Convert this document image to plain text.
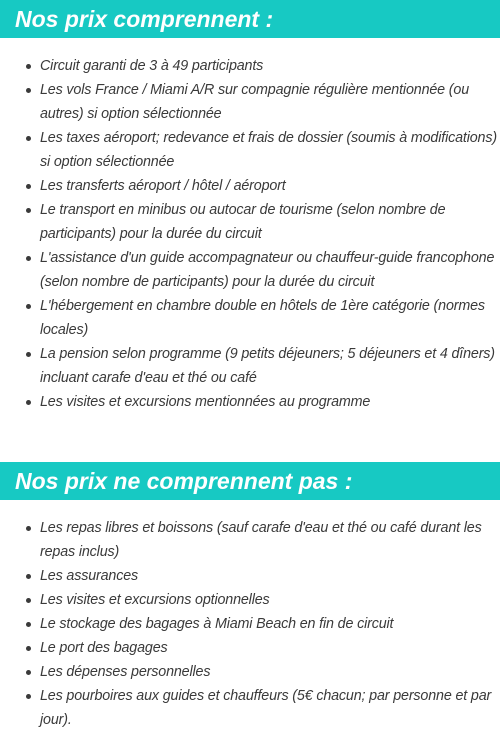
Nos prix comprennent :
Circuit garanti de 3 à 49 participants
Les vols France / Miami A/R sur compagnie régulière mentionnée (ou autres) si option sélectionnée
Les taxes aéroport; redevance et frais de dossier (soumis à modifications) si option sélectionnée
Les transferts aéroport / hôtel / aéroport
Le transport en minibus ou autocar de tourisme (selon nombre de participants) pour la durée du circuit
L'assistance d'un guide accompagnateur ou chauffeur-guide francophone (selon nombre de participants) pour la durée du circuit
L'hébergement en chambre double en hôtels de 1ère catégorie (normes locales)
La pension selon programme (9 petits déjeuners; 5 déjeuners et 4 dîners) incluant carafe d'eau et thé ou café
Les visites et excursions mentionnées au programme
Nos prix ne comprennent pas :
Les repas libres et boissons (sauf carafe d'eau et thé ou café durant les repas inclus)
Les assurances
Les visites et excursions optionnelles
Le stockage des bagages à Miami Beach en fin de circuit
Le port des bagages
Les dépenses personnelles
Les pourboires aux guides et chauffeurs (5€ chacun; par personne et par jour).
